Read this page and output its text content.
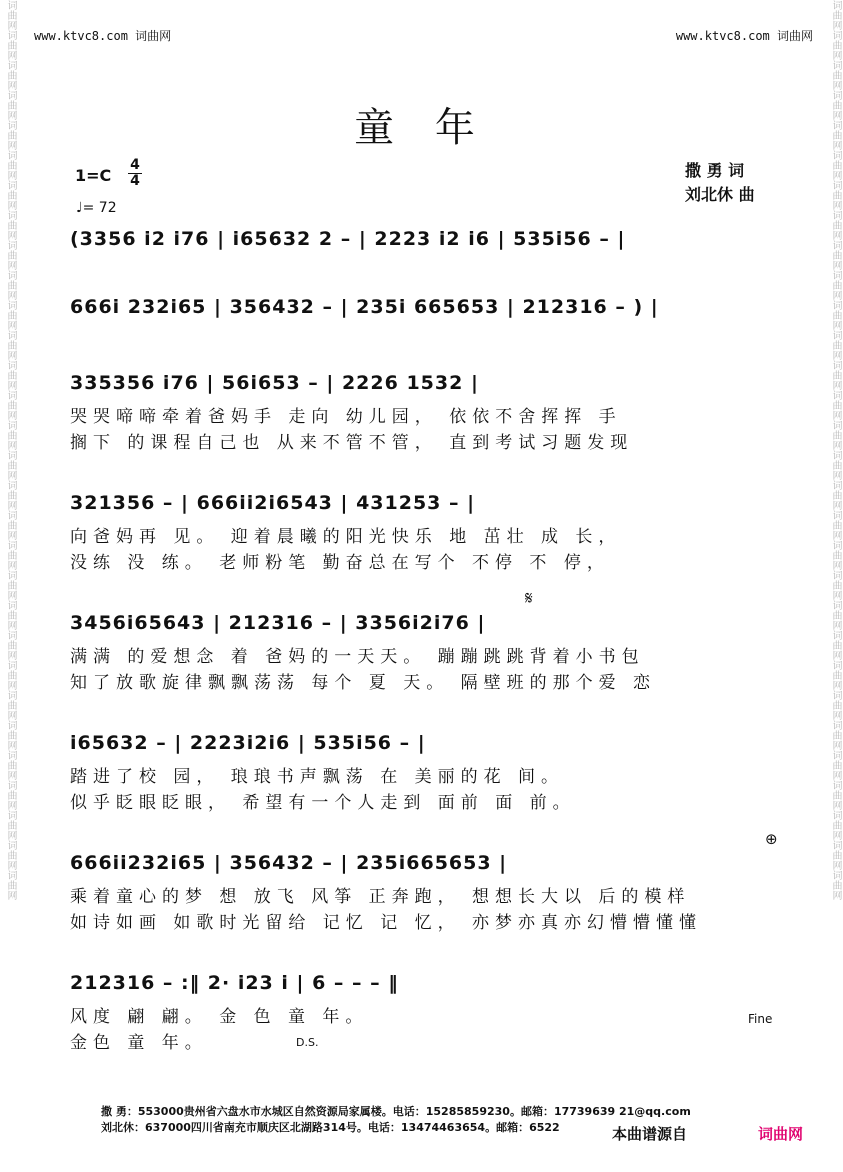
词曲网词曲网词曲网词曲网词曲网词曲网词曲网词曲网词曲网词曲网词曲网词曲网词曲网词曲网词曲网词曲网词曲网词曲网词曲网词曲网词曲网词曲网词曲网词曲网词曲网词曲网词曲网词曲网词曲网词曲网	词曲网词曲网词曲网词曲网词曲网词曲网词曲网词曲网词曲网词曲网词曲网词曲网词曲网词曲网词曲网词曲网词曲网词曲网词曲网词曲网词曲网词曲网词曲网词曲网词曲网词曲网词曲网词曲网词曲网词曲网
www.ktvc8.com 词曲网	www.ktvc8.com 词曲网
童 年
$1=C \frac{4}{4}$
♩= 72
撒 勇 词
刘北休 曲
(3356 i2 i76 | i65632 2 – | 2223 i2 i6 | 535i56 – |
666i 232i65 | 356432 – | 235i 665653 | 212316 – ) |
335356 i76 | 56i653 – | 2226 1532 |
哭哭啼啼牵着爸妈手 走向 幼儿园， 依依不舍挥挥 手
搁下 的课程自己也 从来不管不管， 直到考试习题发现
321356 – | 666ii2i6543 | 431253 – |
向爸妈再 见。 迎着晨曦的阳光快乐 地 茁壮 成 长，
没练 没 练。 老师粉笔 勤奋总在写个 不停 不 停，
3456i65643 | 212316 – | 3356i2i76 |
满满 的爱想念 着 爸妈的一天天。 蹦蹦跳跳背着小书包
知了放歌旋律飘飘荡荡 每个 夏 天。 隔壁班的那个爱 恋
i65632 – | 2223i2i6 | 535i56 – |
踏进了校 园， 琅琅书声飘荡 在 美丽的花 间。
似乎眨眼眨眼， 希望有一个人走到 面前 面 前。
666ii232i65 | 356432 – | 235i665653 |
乘着童心的梦 想 放飞 风筝 正奔跑， 想想长大以 后的模样
如诗如画 如歌时光留给 记忆 记 忆， 亦梦亦真亦幻懵懵懂懂
212316 – :‖ 2· i23 i | 6 – – – ‖
风度 翩 翩。 金 色 童 年。
金色 童 年。
𝄋
⊕
Fine
D.S.
撒 勇：553000贵州省六盘水市水城区自然资源局家属楼。电话：15285859230。邮箱：17739639 21@qq.com
刘北休：637000四川省南充市顺庆区北湖路314号。电话：13474463654。邮箱：6522	本曲谱源自	词曲网
